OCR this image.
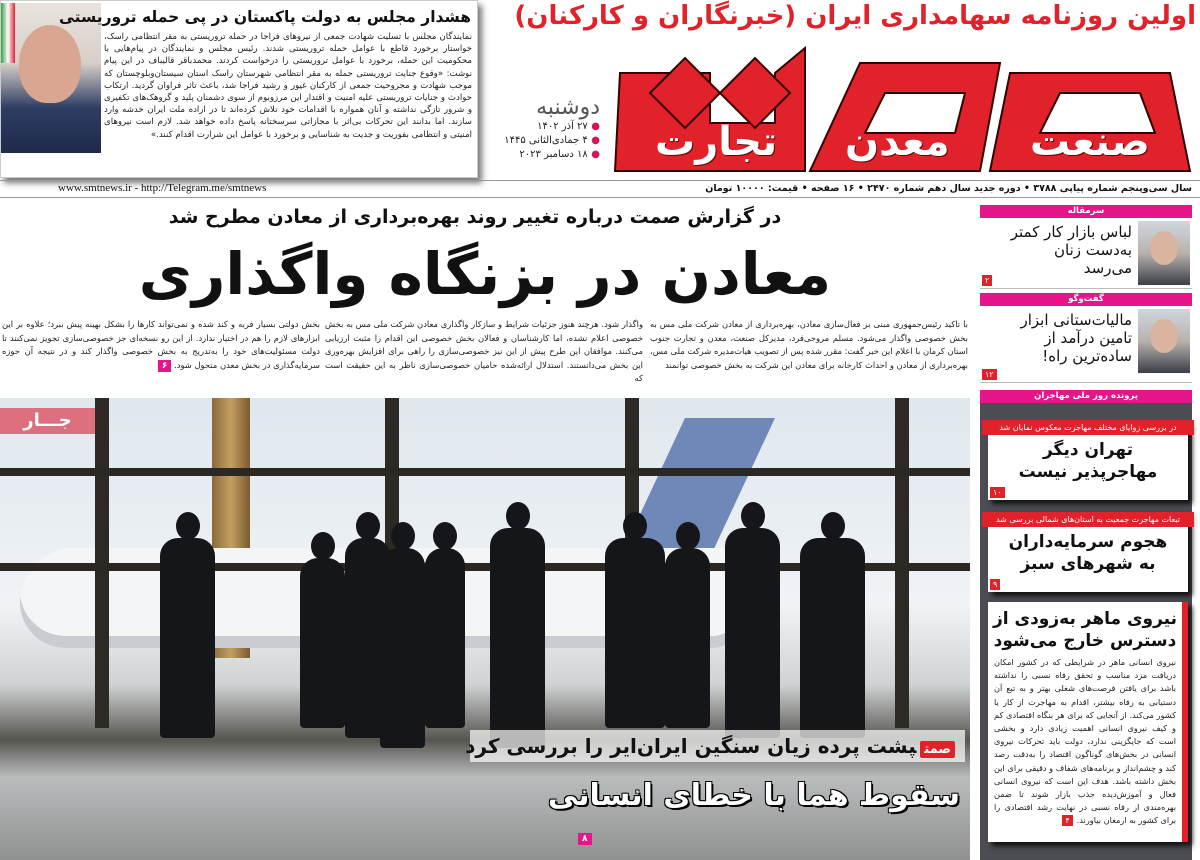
هشدار مجلس به دولت پاکستان در پی حمله تروریستی
نمایندگان مجلس با تسلیت شهادت جمعی از نیروهای فراجا در حمله تروریستی به مقر انتظامی راسک، خواستار برخورد قاطع با عوامل حمله تروریستی شدند. رئیس مجلس و نمایندگان در پیام‌هایی با محکومیت این حمله، برخورد با عوامل تروریستی را درخواست کردند. محمدباقر قالیباف در این پیام نوشت: «وقوع جنایت تروریستی حمله به مقر انتظامی شهرستان راسک استان سیستان‌وبلوچستان که موجب شهادت و مجروحیت جمعی از کارکنان غیور و رشید فراجا شد، باعث تاثر فراوان گردید. ارتکاب حوادث و جنایات تروریستی علیه امنیت و اقتدار این مرزوبوم از سوی دشمنان پلید و گروهک‌های تکفیری و شرور تازگی نداشته و آنان همواره با اقدامات خود تلاش کرده‌اند تا در اراده ملت ایران خدشه وارد سازند. اما بدانند این تحرکات بی‌اثر با مجازاتی سرسختانه پاسخ داده خواهد شد. لازم است نیروهای امنیتی و انتظامی بفوریت و جدیت به شناسایی و برخورد با عوامل این شرارت اقدام کنند.»
دوشنبه
● ۲۷ آذر ۱۴۰۲
● ۴ جمادی‌الثانی ۱۴۴۵
● ۱۸ دسامبر ۲۰۲۳
اولین روزنامه سهامداری ایران (خبرنگاران و کارکنان)
تجارت معدن صنعت
سال سی‌وپنجم شماره پیاپی ۳۷۸۸ • دوره جدید سال دهم شماره ۲۴۷۰ • ۱۶ صفحه • قیمت: ۱۰۰۰۰ تومان
www.smtnews.ir - http://Telegram.me/smtnews
در گزارش صمت درباره تغییر روند بهره‌برداری از معادن مطرح شد
معادن در بزنگاه واگذاری
با تاکید رئیس‌جمهوری مبنی بر فعال‌سازی معادن، بهره‌برداری از معادن شرکت ملی مس به بخش خصوصی واگذار می‌شود. مسلم مروجی‌فرد، مدیرکل صنعت، معدن و تجارت جنوب استان کرمان با اعلام این خبر گفت: مقرر شده پس از تصویب هیات‌مدیره شرکت ملی مس، بهره‌برداری از معادن و احداث کارخانه برای معادن این شرکت به بخش خصوصی توانمند
واگذار شود. هرچند هنوز جزئیات شرایط و سازکار واگذاری معادن شرکت ملی مس به بخش خصوصی اعلام نشده، اما کارشناسان و فعالان بخش خصوصی این اقدام را مثبت ارزیابی می‌کنند. موافقان این طرح پیش از این نیز خصوصی‌سازی را راهی برای افزایش بهره‌وری این بخش می‌دانستند. استدلال ارائه‌شده حامیان خصوصی‌سازی ناظر به این حقیقت است که
بخش دولتی بسیار فربه و کند شده و نمی‌تواند کارها را بشکل بهینه پیش ببرد؛ علاوه بر این ابزارهای لازم را هم در اختیار ندارد. از این رو نسخه‌ای جز خصوصی‌سازی تجویز نمی‌کنند تا دولت مسئولیت‌های خود را به‌تدریج به بخش خصوصی واگذار کند و در نتیجه آن حوزه سرمایه‌گذاری در بخش معدن متحول شود. ۶
جـــار
صمتپشت پرده زیان سنگین ایران‌ایر را بررسی کرد
سقوط هما با خطای انسانی
۸
سرمقاله
لباس بازار کار کمتر به‌دست زنان می‌رسد
۲
گفت‌وگو
مالیات‌ستانی ابزار تامین درآمد از ساده‌ترین راه!
۱۲
پرونده روز ملی مهاجران
در بررسی زوایای مختلف مهاجرت معکوس نمایان شد
تهران دیگر مهاجرپذیر نیست
۱۰
تبعات مهاجرت جمعیت به استان‌های شمالی بررسی شد
هجوم سرمایه‌داران به شهرهای سبز
۹
نیروی ماهر به‌زودی از دسترس خارج می‌شود
نیروی انسانی ماهر در شرایطی که در کشور امکان دریافت مزد مناسب و تحقق رفاه نسبی را نداشته باشد برای یافتن فرصت‌های شغلی بهتر و به تبع آن دستیابی به رفاه بیشتر، اقدام به مهاجرت از کار یا کشور می‌کند. از آنجایی که برای هر بنگاه اقتصادی کم و کیف نیروی انسانی اهمیت زیادی دارد و بخشی است که جایگزینی ندارد، دولت باید تحرکات نیروی انسانی در بخش‌های گوناگون اقتصاد را به‌دقت رصد کند و چشم‌انداز و برنامه‌های شفاف و دقیقی برای این بخش داشته باشد. هدف این است که نیروی انسانی فعال و آموزش‌دیده جذب بازار شوند تا ضمن بهره‌مندی از رفاه نسبی در نهایت رشد اقتصادی را برای کشور به ارمغان بیاورند.۴
